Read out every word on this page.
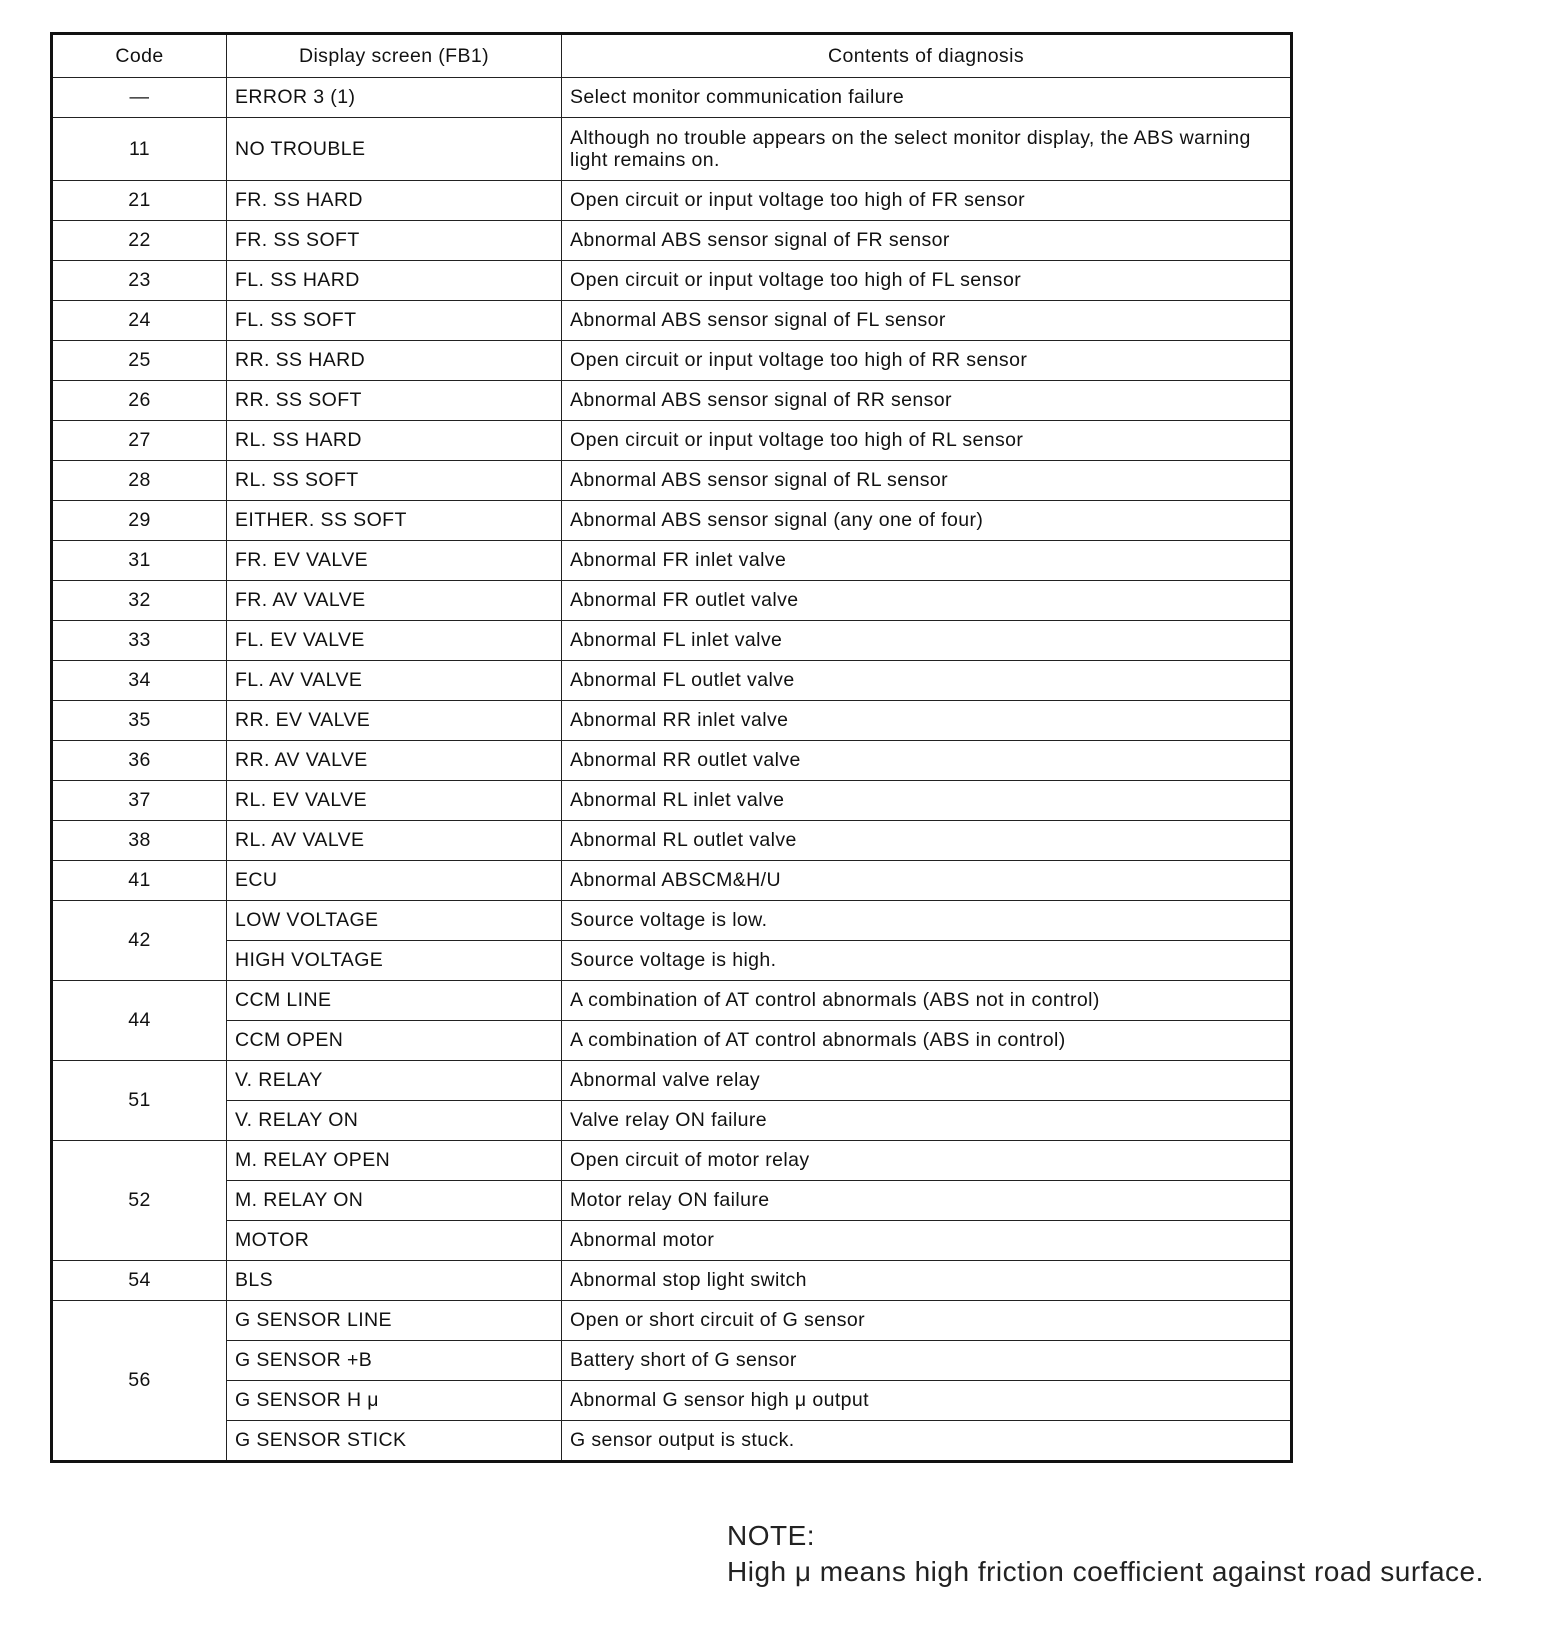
Code	Display screen (FB1)	Contents of diagnosis
—	ERROR 3 (1)	Select monitor communication failure
11	NO TROUBLE	Although no trouble appears on the select monitor display, the ABS warning light remains on.
21	FR. SS HARD	Open circuit or input voltage too high of FR sensor
22	FR. SS SOFT	Abnormal ABS sensor signal of FR sensor
23	FL. SS HARD	Open circuit or input voltage too high of FL sensor
24	FL. SS SOFT	Abnormal ABS sensor signal of FL sensor
25	RR. SS HARD	Open circuit or input voltage too high of RR sensor
26	RR. SS SOFT	Abnormal ABS sensor signal of RR sensor
27	RL. SS HARD	Open circuit or input voltage too high of RL sensor
28	RL. SS SOFT	Abnormal ABS sensor signal of RL sensor
29	EITHER. SS SOFT	Abnormal ABS sensor signal (any one of four)
31	FR. EV VALVE	Abnormal FR inlet valve
32	FR. AV VALVE	Abnormal FR outlet valve
33	FL. EV VALVE	Abnormal FL inlet valve
34	FL. AV VALVE	Abnormal FL outlet valve
35	RR. EV VALVE	Abnormal RR inlet valve
36	RR. AV VALVE	Abnormal RR outlet valve
37	RL. EV VALVE	Abnormal RL inlet valve
38	RL. AV VALVE	Abnormal RL outlet valve
41	ECU	Abnormal ABSCM&H/U
42	LOW VOLTAGE	Source voltage is low.
	HIGH VOLTAGE	Source voltage is high.
44	CCM LINE	A combination of AT control abnormals (ABS not in control)
	CCM OPEN	A combination of AT control abnormals (ABS in control)
51	V. RELAY	Abnormal valve relay
	V. RELAY ON	Valve relay ON failure
52	M. RELAY OPEN	Open circuit of motor relay
	M. RELAY ON	Motor relay ON failure
	MOTOR	Abnormal motor
54	BLS	Abnormal stop light switch
56	G SENSOR LINE	Open or short circuit of G sensor
	G SENSOR +B	Battery short of G sensor
	G SENSOR H μ	Abnormal G sensor high μ output
	G SENSOR STICK	G sensor output is stuck.
NOTE:

High μ means high friction coefficient against road surface.
